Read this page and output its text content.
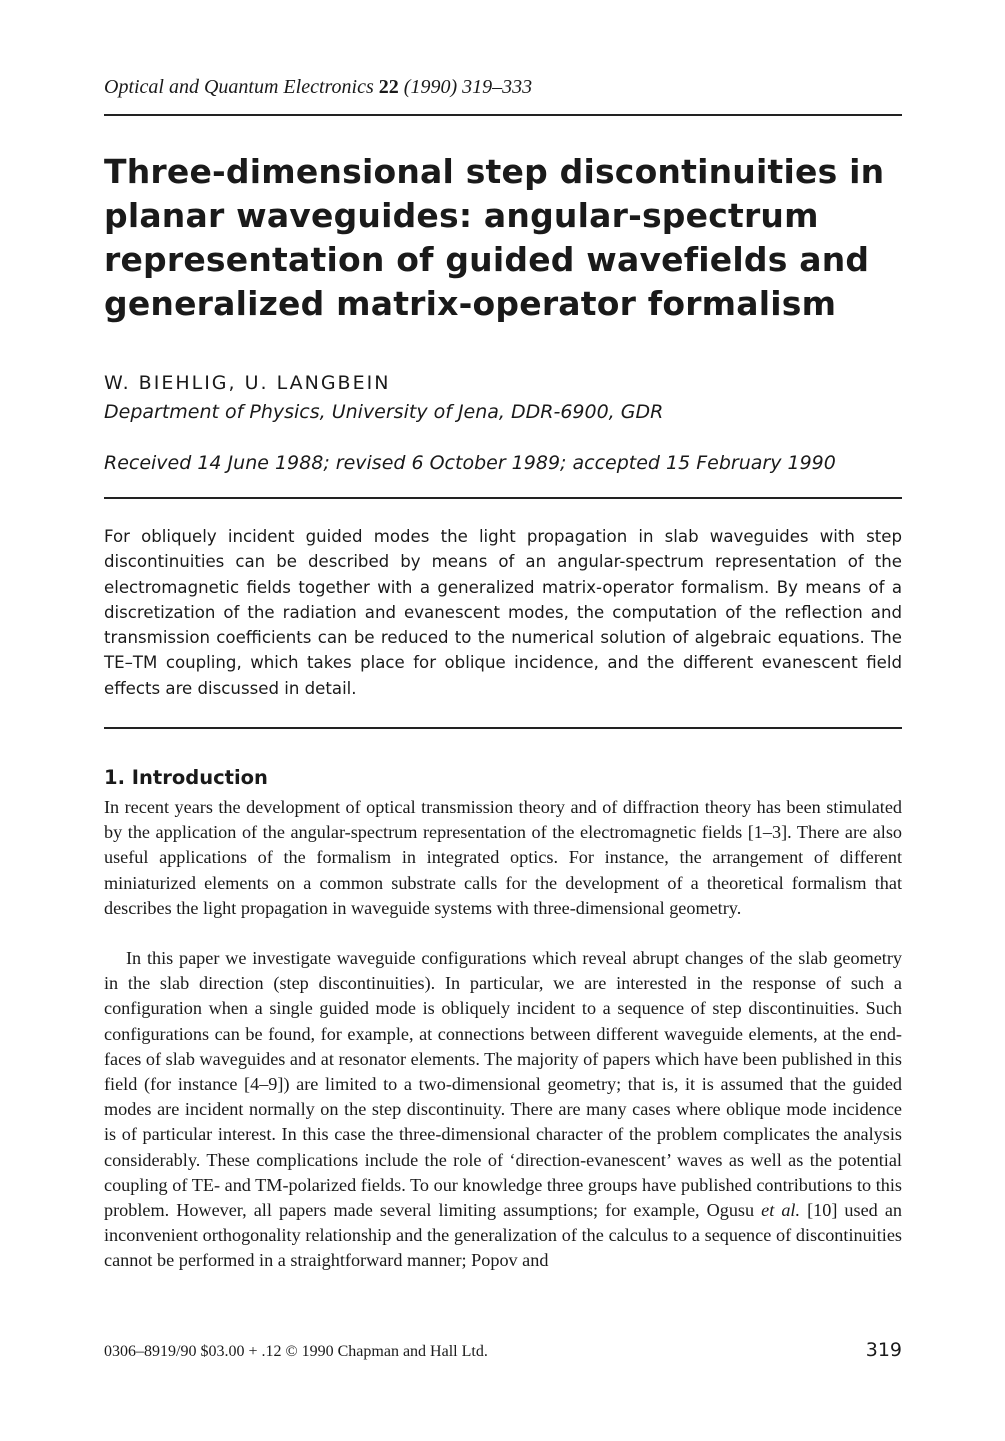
Optical and Quantum Electronics 22 (1990) 319–333
Three-dimensional step discontinuities in planar waveguides: angular-spectrum representation of guided wavefields and generalized matrix-operator formalism
W. BIEHLIG, U. LANGBEIN
Department of Physics, University of Jena, DDR-6900, GDR
Received 14 June 1988; revised 6 October 1989; accepted 15 February 1990

For obliquely incident guided modes the light propagation in slab waveguides with step discontinuities can be described by means of an angular-spectrum representation of the electromagnetic fields together with a generalized matrix-operator formalism. By means of a discretization of the radiation and evanescent modes, the computation of the reflection and transmission coefficients can be reduced to the numerical solution of algebraic equations. The TE–TM coupling, which takes place for oblique incidence, and the different evanescent field effects are discussed in detail.

1. Introduction

In recent years the development of optical transmission theory and of diffraction theory has been stimulated by the application of the angular-spectrum representation of the electromagnetic fields [1–3]. There are also useful applications of the formalism in integrated optics. For instance, the arrangement of different miniaturized elements on a common substrate calls for the development of a theoretical formalism that describes the light propagation in waveguide systems with three-dimensional geometry.

In this paper we investigate waveguide configurations which reveal abrupt changes of the slab geometry in the slab direction (step discontinuities). In particular, we are interested in the response of such a configuration when a single guided mode is obliquely incident to a sequence of step discontinuities. Such configurations can be found, for example, at connections between different waveguide elements, at the end-faces of slab waveguides and at resonator elements. The majority of papers which have been published in this field (for instance [4–9]) are limited to a two-dimensional geometry; that is, it is assumed that the guided modes are incident normally on the step discontinuity. There are many cases where oblique mode incidence is of particular interest. In this case the three-dimensional character of the problem complicates the analysis considerably. These complications include the role of ‘direction-evanescent’ waves as well as the potential coupling of TE- and TM-polarized fields. To our knowledge three groups have published contributions to this problem. However, all papers made several limiting assumptions; for example, Ogusu et al. [10] used an inconvenient orthogonality relationship and the generalization of the calculus to a sequence of discontinuities cannot be performed in a straightforward manner; Popov and

0306–8919/90 $03.00 + .12 © 1990 Chapman and Hall Ltd.	319
